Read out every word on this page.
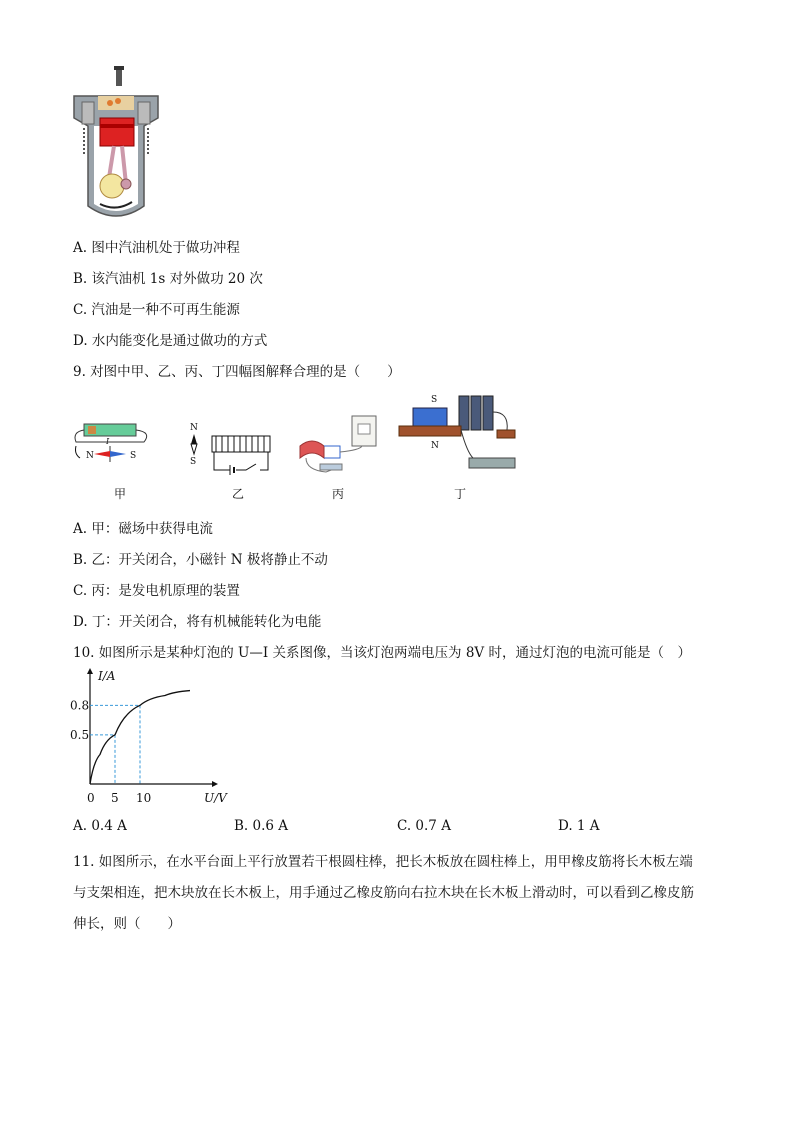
A. 图中汽油机处于做功冲程
B. 该汽油机 1s 对外做功 20 次
C. 汽油是一种不可再生能源
D. 水内能变化是通过做功的方式
9. 对图中甲、乙、丙、丁四幅图解释合理的是（　　）
I
N	S
甲
N
S
乙	丙
S
N
丁
A. 甲：磁场中获得电流
B. 乙：开关闭合，小磁针 N 极将静止不动
C. 丙：是发电机原理的装置
D. 丁：开关闭合，将有机械能转化为电能
10. 如图所示是某种灯泡的 U—I 关系图像，当该灯泡两端电压为 8V 时，通过灯泡的电流可能是（　）
I/A
U/V
0 5 10
0.5
0.8
A. 0.4 A	B. 0.6 A	C. 0.7 A	D. 1 A
11. 如图所示，在水平台面上平行放置若干根圆柱棒，把长木板放在圆柱棒上，用甲橡皮筋将长木板左端
与支架相连，把木块放在长木板上，用手通过乙橡皮筋向右拉木块在长木板上滑动时，可以看到乙橡皮筋
伸长，则（　　）
